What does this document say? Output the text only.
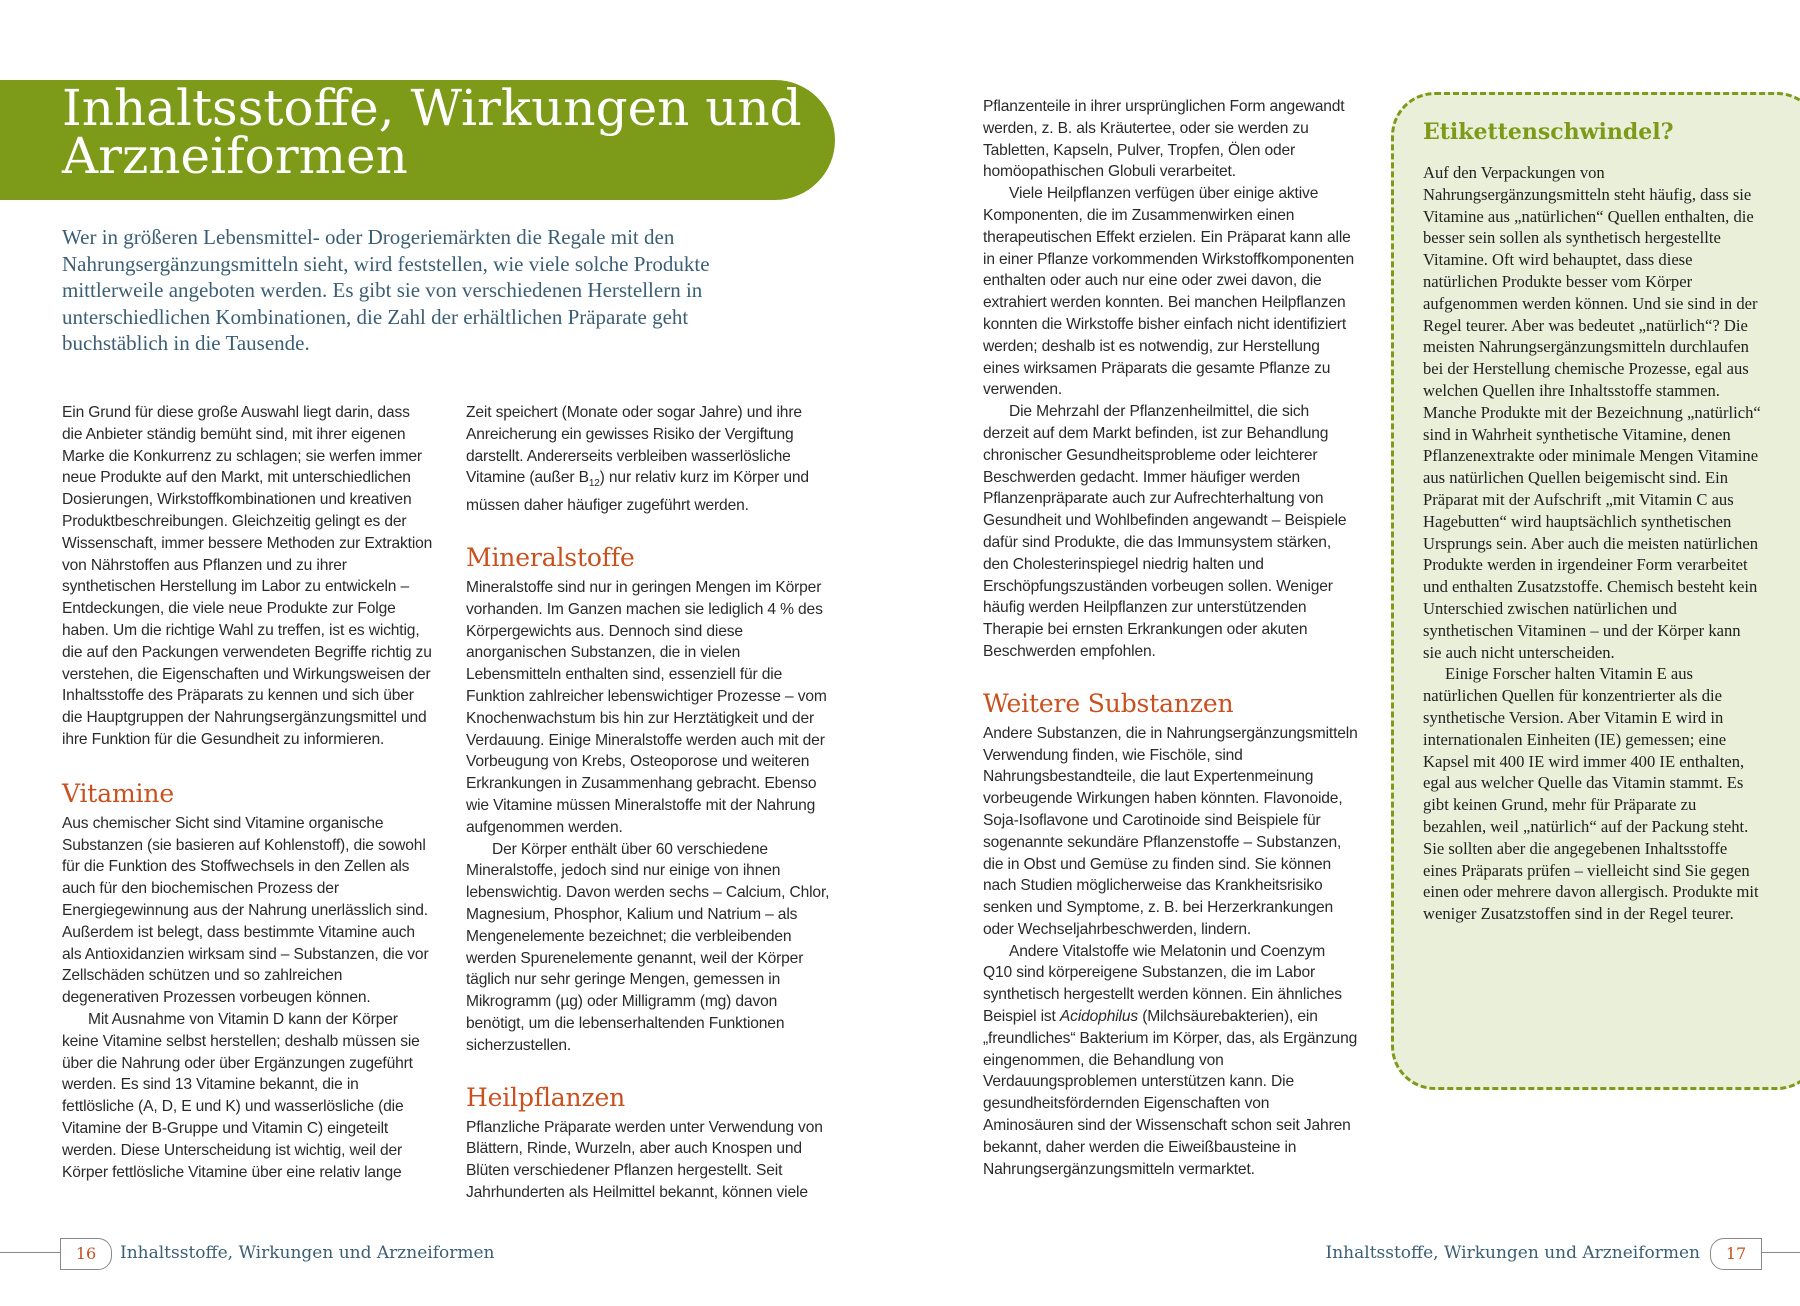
Inhaltsstoffe, Wirkungen und Arzneiformen

Wer in größeren Lebensmittel- oder Drogeriemärkten die Regale mit den Nahrungsergänzungsmitteln sieht, wird feststellen, wie viele solche Produkte mittlerweile angeboten werden. Es gibt sie von verschiedenen Herstellern in unterschiedlichen Kombinationen, die Zahl der erhältlichen Präparate geht buchstäblich in die Tausende.

Ein Grund für diese große Auswahl liegt darin, dass die Anbieter ständig bemüht sind, mit ihrer eigenen Marke die Konkurrenz zu schlagen; sie werfen immer neue Produkte auf den Markt, mit unterschiedlichen Dosierungen, Wirkstoffkombinationen und kreativen Produktbeschreibungen. Gleichzeitig gelingt es der Wissenschaft, immer bessere Methoden zur Extraktion von Nährstoffen aus Pflanzen und zu ihrer synthetischen Herstellung im Labor zu entwickeln – Entdeckungen, die viele neue Produkte zur Folge haben. Um die richtige Wahl zu treffen, ist es wichtig, die auf den Packungen verwendeten Begriffe richtig zu verstehen, die Eigenschaften und Wirkungsweisen der Inhaltsstoffe des Präparats zu kennen und sich über die Hauptgruppen der Nahrungsergänzungsmittel und ihre Funktion für die Gesundheit zu informieren.

Vitamine

Aus chemischer Sicht sind Vitamine organische Substanzen (sie basieren auf Kohlenstoff), die sowohl für die Funktion des Stoffwechsels in den Zellen als auch für den biochemischen Prozess der Energiegewinnung aus der Nahrung unerlässlich sind. Außerdem ist belegt, dass bestimmte Vitamine auch als Antioxidanzien wirksam sind – Substanzen, die vor Zellschäden schützen und so zahlreichen degenerativen Prozessen vorbeugen können.

Mit Ausnahme von Vitamin D kann der Körper keine Vitamine selbst herstellen; deshalb müssen sie über die Nahrung oder über Ergänzungen zugeführt werden. Es sind 13 Vitamine bekannt, die in fettlösliche (A, D, E und K) und wasserlösliche (die Vitamine der B-Gruppe und Vitamin C) eingeteilt werden. Diese Unterscheidung ist wichtig, weil der Körper fettlösliche Vitamine über eine relativ lange

Zeit speichert (Monate oder sogar Jahre) und ihre Anreicherung ein gewisses Risiko der Vergiftung darstellt. Andererseits verbleiben wasserlösliche Vitamine (außer $B_{12}$) nur relativ kurz im Körper und müssen daher häufiger zugeführt werden.

Mineralstoffe

Mineralstoffe sind nur in geringen Mengen im Körper vorhanden. Im Ganzen machen sie lediglich 4 % des Körpergewichts aus. Dennoch sind diese anorganischen Substanzen, die in vielen Lebensmitteln enthalten sind, essenziell für die Funktion zahlreicher lebenswichtiger Prozesse – vom Knochenwachstum bis hin zur Herztätigkeit und der Verdauung. Einige Mineralstoffe werden auch mit der Vorbeugung von Krebs, Osteoporose und weiteren Erkrankungen in Zusammenhang gebracht. Ebenso wie Vitamine müssen Mineralstoffe mit der Nahrung aufgenommen werden.

Der Körper enthält über 60 verschiedene Mineralstoffe, jedoch sind nur einige von ihnen lebenswichtig. Davon werden sechs – Calcium, Chlor, Magnesium, Phosphor, Kalium und Natrium – als Mengenelemente bezeichnet; die verbleibenden werden Spurenelemente genannt, weil der Körper täglich nur sehr geringe Mengen, gemessen in Mikrogramm (µg) oder Milligramm (mg) davon benötigt, um die lebenserhaltenden Funktionen sicherzustellen.

Heilpflanzen

Pflanzliche Präparate werden unter Verwendung von Blättern, Rinde, Wurzeln, aber auch Knospen und Blüten verschiedener Pflanzen hergestellt. Seit Jahrhunderten als Heilmittel bekannt, können viele

16	Inhaltsstoffe, Wirkungen und Arzneiformen

Pflanzenteile in ihrer ursprünglichen Form angewandt werden, z. B. als Kräutertee, oder sie werden zu Tabletten, Kapseln, Pulver, Tropfen, Ölen oder homöopathischen Globuli verarbeitet.

Viele Heilpflanzen verfügen über einige aktive Komponenten, die im Zusammenwirken einen therapeutischen Effekt erzielen. Ein Präparat kann alle in einer Pflanze vorkommenden Wirkstoffkomponenten enthalten oder auch nur eine oder zwei davon, die extrahiert werden konnten. Bei manchen Heilpflanzen konnten die Wirkstoffe bisher einfach nicht identifiziert werden; deshalb ist es notwendig, zur Herstellung eines wirksamen Präparats die gesamte Pflanze zu verwenden.

Die Mehrzahl der Pflanzenheilmittel, die sich derzeit auf dem Markt befinden, ist zur Behandlung chronischer Gesundheitsprobleme oder leichterer Beschwerden gedacht. Immer häufiger werden Pflanzenpräparate auch zur Aufrechterhaltung von Gesundheit und Wohlbefinden angewandt – Beispiele dafür sind Produkte, die das Immunsystem stärken, den Cholesterinspiegel niedrig halten und Erschöpfungszuständen vorbeugen sollen. Weniger häufig werden Heilpflanzen zur unterstützenden Therapie bei ernsten Erkrankungen oder akuten Beschwerden empfohlen.

Weitere Substanzen

Andere Substanzen, die in Nahrungsergänzungsmitteln Verwendung finden, wie Fischöle, sind Nahrungsbestandteile, die laut Expertenmeinung vorbeugende Wirkungen haben könnten. Flavonoide, Soja-Isoflavone und Carotinoide sind Beispiele für sogenannte sekundäre Pflanzenstoffe – Substanzen, die in Obst und Gemüse zu finden sind. Sie können nach Studien möglicherweise das Krankheitsrisiko senken und Symptome, z. B. bei Herzerkrankungen oder Wechseljahrbeschwerden, lindern.

Andere Vitalstoffe wie Melatonin und Coenzym Q10 sind körpereigene Substanzen, die im Labor synthetisch hergestellt werden können. Ein ähnliches Beispiel ist Acidophilus (Milchsäurebakterien), ein „freundliches“ Bakterium im Körper, das, als Ergänzung eingenommen, die Behandlung von Verdauungsproblemen unterstützen kann. Die gesundheitsfördernden Eigenschaften von Aminosäuren sind der Wissenschaft schon seit Jahren bekannt, daher werden die Eiweißbausteine in Nahrungsergänzungsmitteln vermarktet.

Etikettenschwindel?

Auf den Verpackungen von Nahrungsergänzungsmitteln steht häufig, dass sie Vitamine aus „natürlichen“ Quellen enthalten, die besser sein sollen als synthetisch hergestellte Vitamine. Oft wird behauptet, dass diese natürlichen Produkte besser vom Körper aufgenommen werden können. Und sie sind in der Regel teurer. Aber was bedeutet „natürlich“? Die meisten Nahrungsergänzungsmitteln durchlaufen bei der Herstellung chemische Prozesse, egal aus welchen Quellen ihre Inhaltsstoffe stammen. Manche Produkte mit der Bezeichnung „natürlich“ sind in Wahrheit synthetische Vitamine, denen Pflanzenextrakte oder minimale Mengen Vitamine aus natürlichen Quellen beigemischt sind. Ein Präparat mit der Aufschrift „mit Vitamin C aus Hagebutten“ wird hauptsächlich synthetischen Ursprungs sein. Aber auch die meisten natürlichen Produkte werden in irgendeiner Form verarbeitet und enthalten Zusatzstoffe. Chemisch besteht kein Unterschied zwischen natürlichen und synthetischen Vitaminen – und der Körper kann sie auch nicht unterscheiden.

Einige Forscher halten Vitamin E aus natürlichen Quellen für konzentrierter als die synthetische Version. Aber Vitamin E wird in internationalen Einheiten (IE) gemessen; eine Kapsel mit 400 IE wird immer 400 IE enthalten, egal aus welcher Quelle das Vitamin stammt. Es gibt keinen Grund, mehr für Präparate zu bezahlen, weil „natürlich“ auf der Packung steht. Sie sollten aber die angegebenen Inhaltsstoffe eines Präparats prüfen – vielleicht sind Sie gegen einen oder mehrere davon allergisch. Produkte mit weniger Zusatzstoffen sind in der Regel teurer.

17

Inhaltsstoffe, Wirkungen und Arzneiformen
